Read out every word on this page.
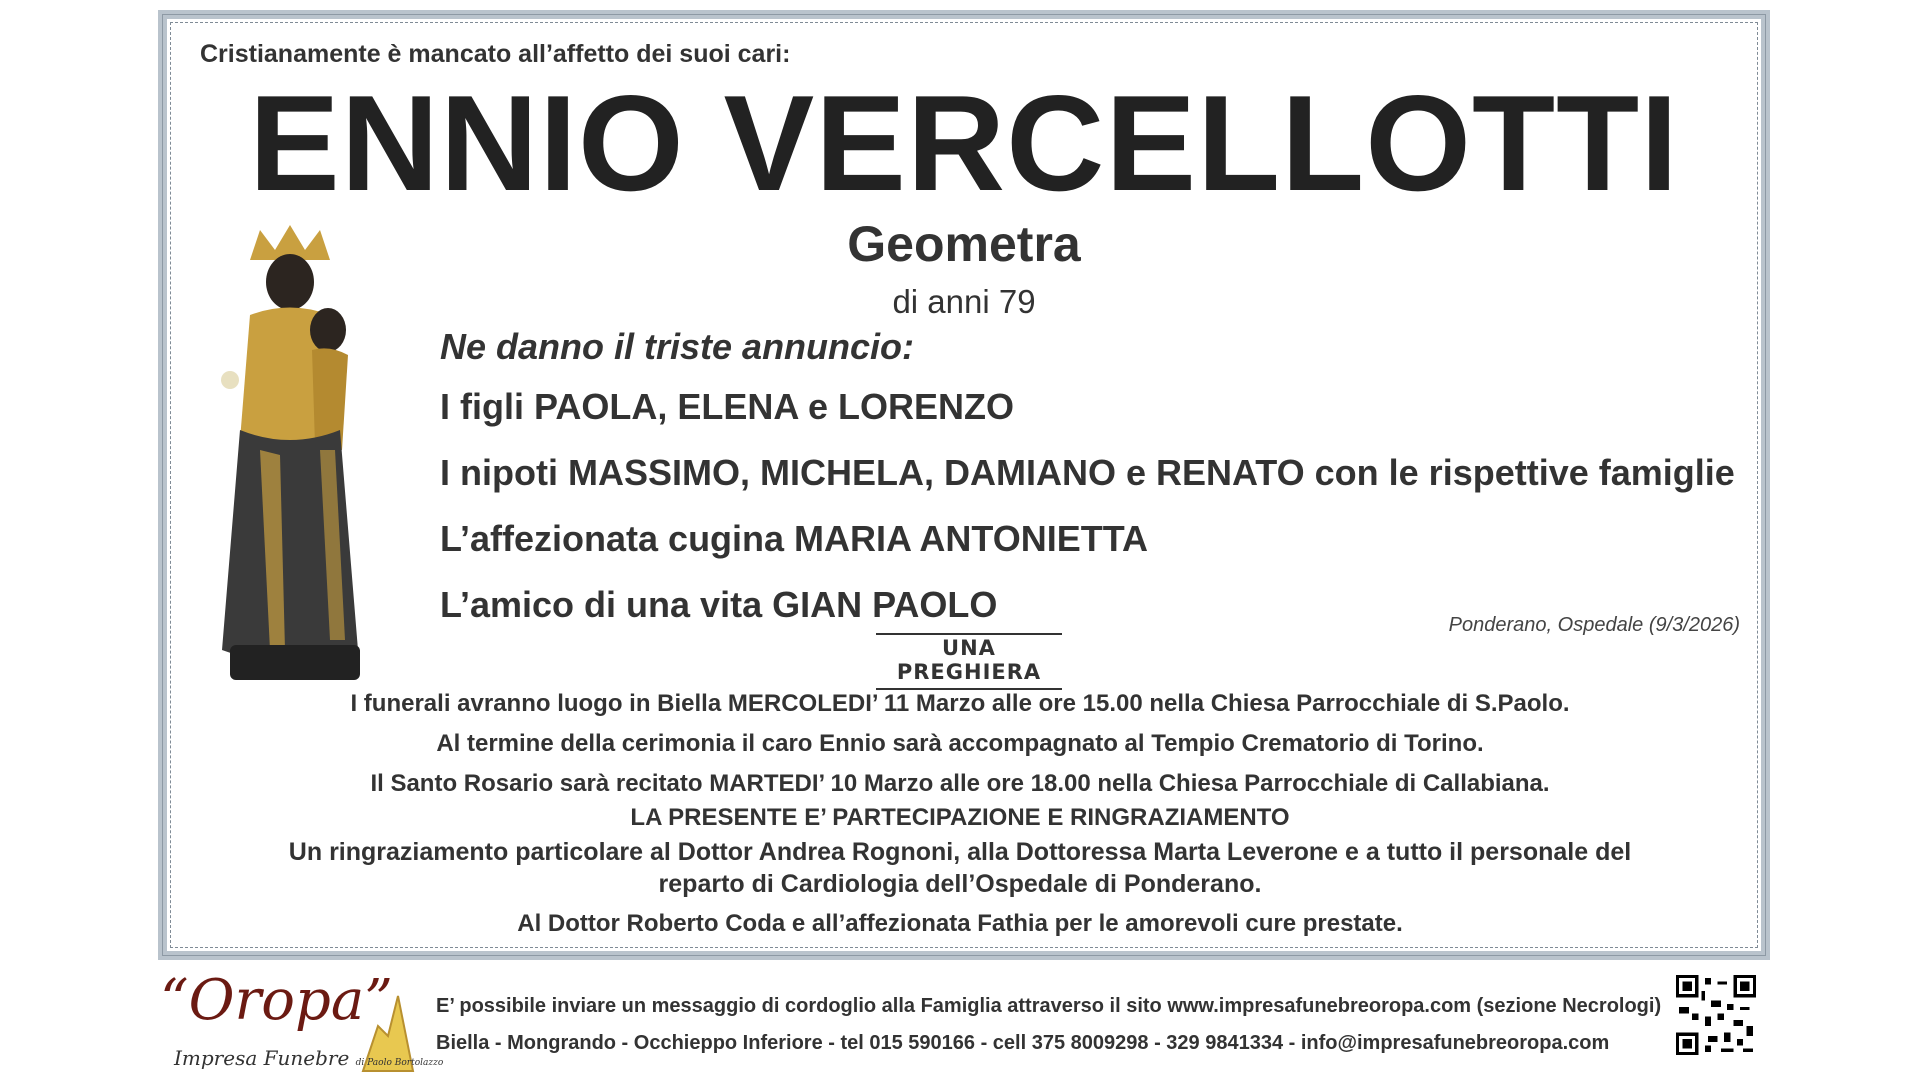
Cristianamente è mancato all’affetto dei suoi cari:
ENNIO VERCELLOTTI
Geometra
di anni 79
Ne danno il triste annuncio:
I figli PAOLA, ELENA e LORENZO
I nipoti MASSIMO, MICHELA, DAMIANO e RENATO con le rispettive famiglie
L’affezionata cugina MARIA ANTONIETTA
L’amico di una vita GIAN PAOLO	Ponderano, Ospedale (9/3/2026)
UNA PREGHIERA
I funerali avranno luogo in Biella MERCOLEDI’ 11 Marzo alle ore 15.00 nella Chiesa Parrocchiale di S.Paolo.
Al termine della cerimonia il caro Ennio sarà accompagnato al Tempio Crematorio di Torino.
Il Santo Rosario sarà recitato MARTEDI’ 10 Marzo alle ore 18.00 nella Chiesa Parrocchiale di Callabiana.
LA PRESENTE E’ PARTECIPAZIONE E RINGRAZIAMENTO
Un ringraziamento particolare al Dottor Andrea Rognoni, alla Dottoressa Marta Leverone e a tutto il personale del
reparto di Cardiologia dell’Ospedale di Ponderano.
Al Dottor Roberto Coda e all’affezionata Fathia per le amorevoli cure prestate.
“Oropa”
Impresa Funebre di Paolo Bortolazzo
E’ possibile inviare un messaggio di cordoglio alla Famiglia attraverso il sito www.impresafunebreoropa.com (sezione Necrologi)
Biella - Mongrando - Occhieppo Inferiore - tel 015 590166 - cell 375 8009298 - 329 9841334 - info@impresafunebreoropa.com
